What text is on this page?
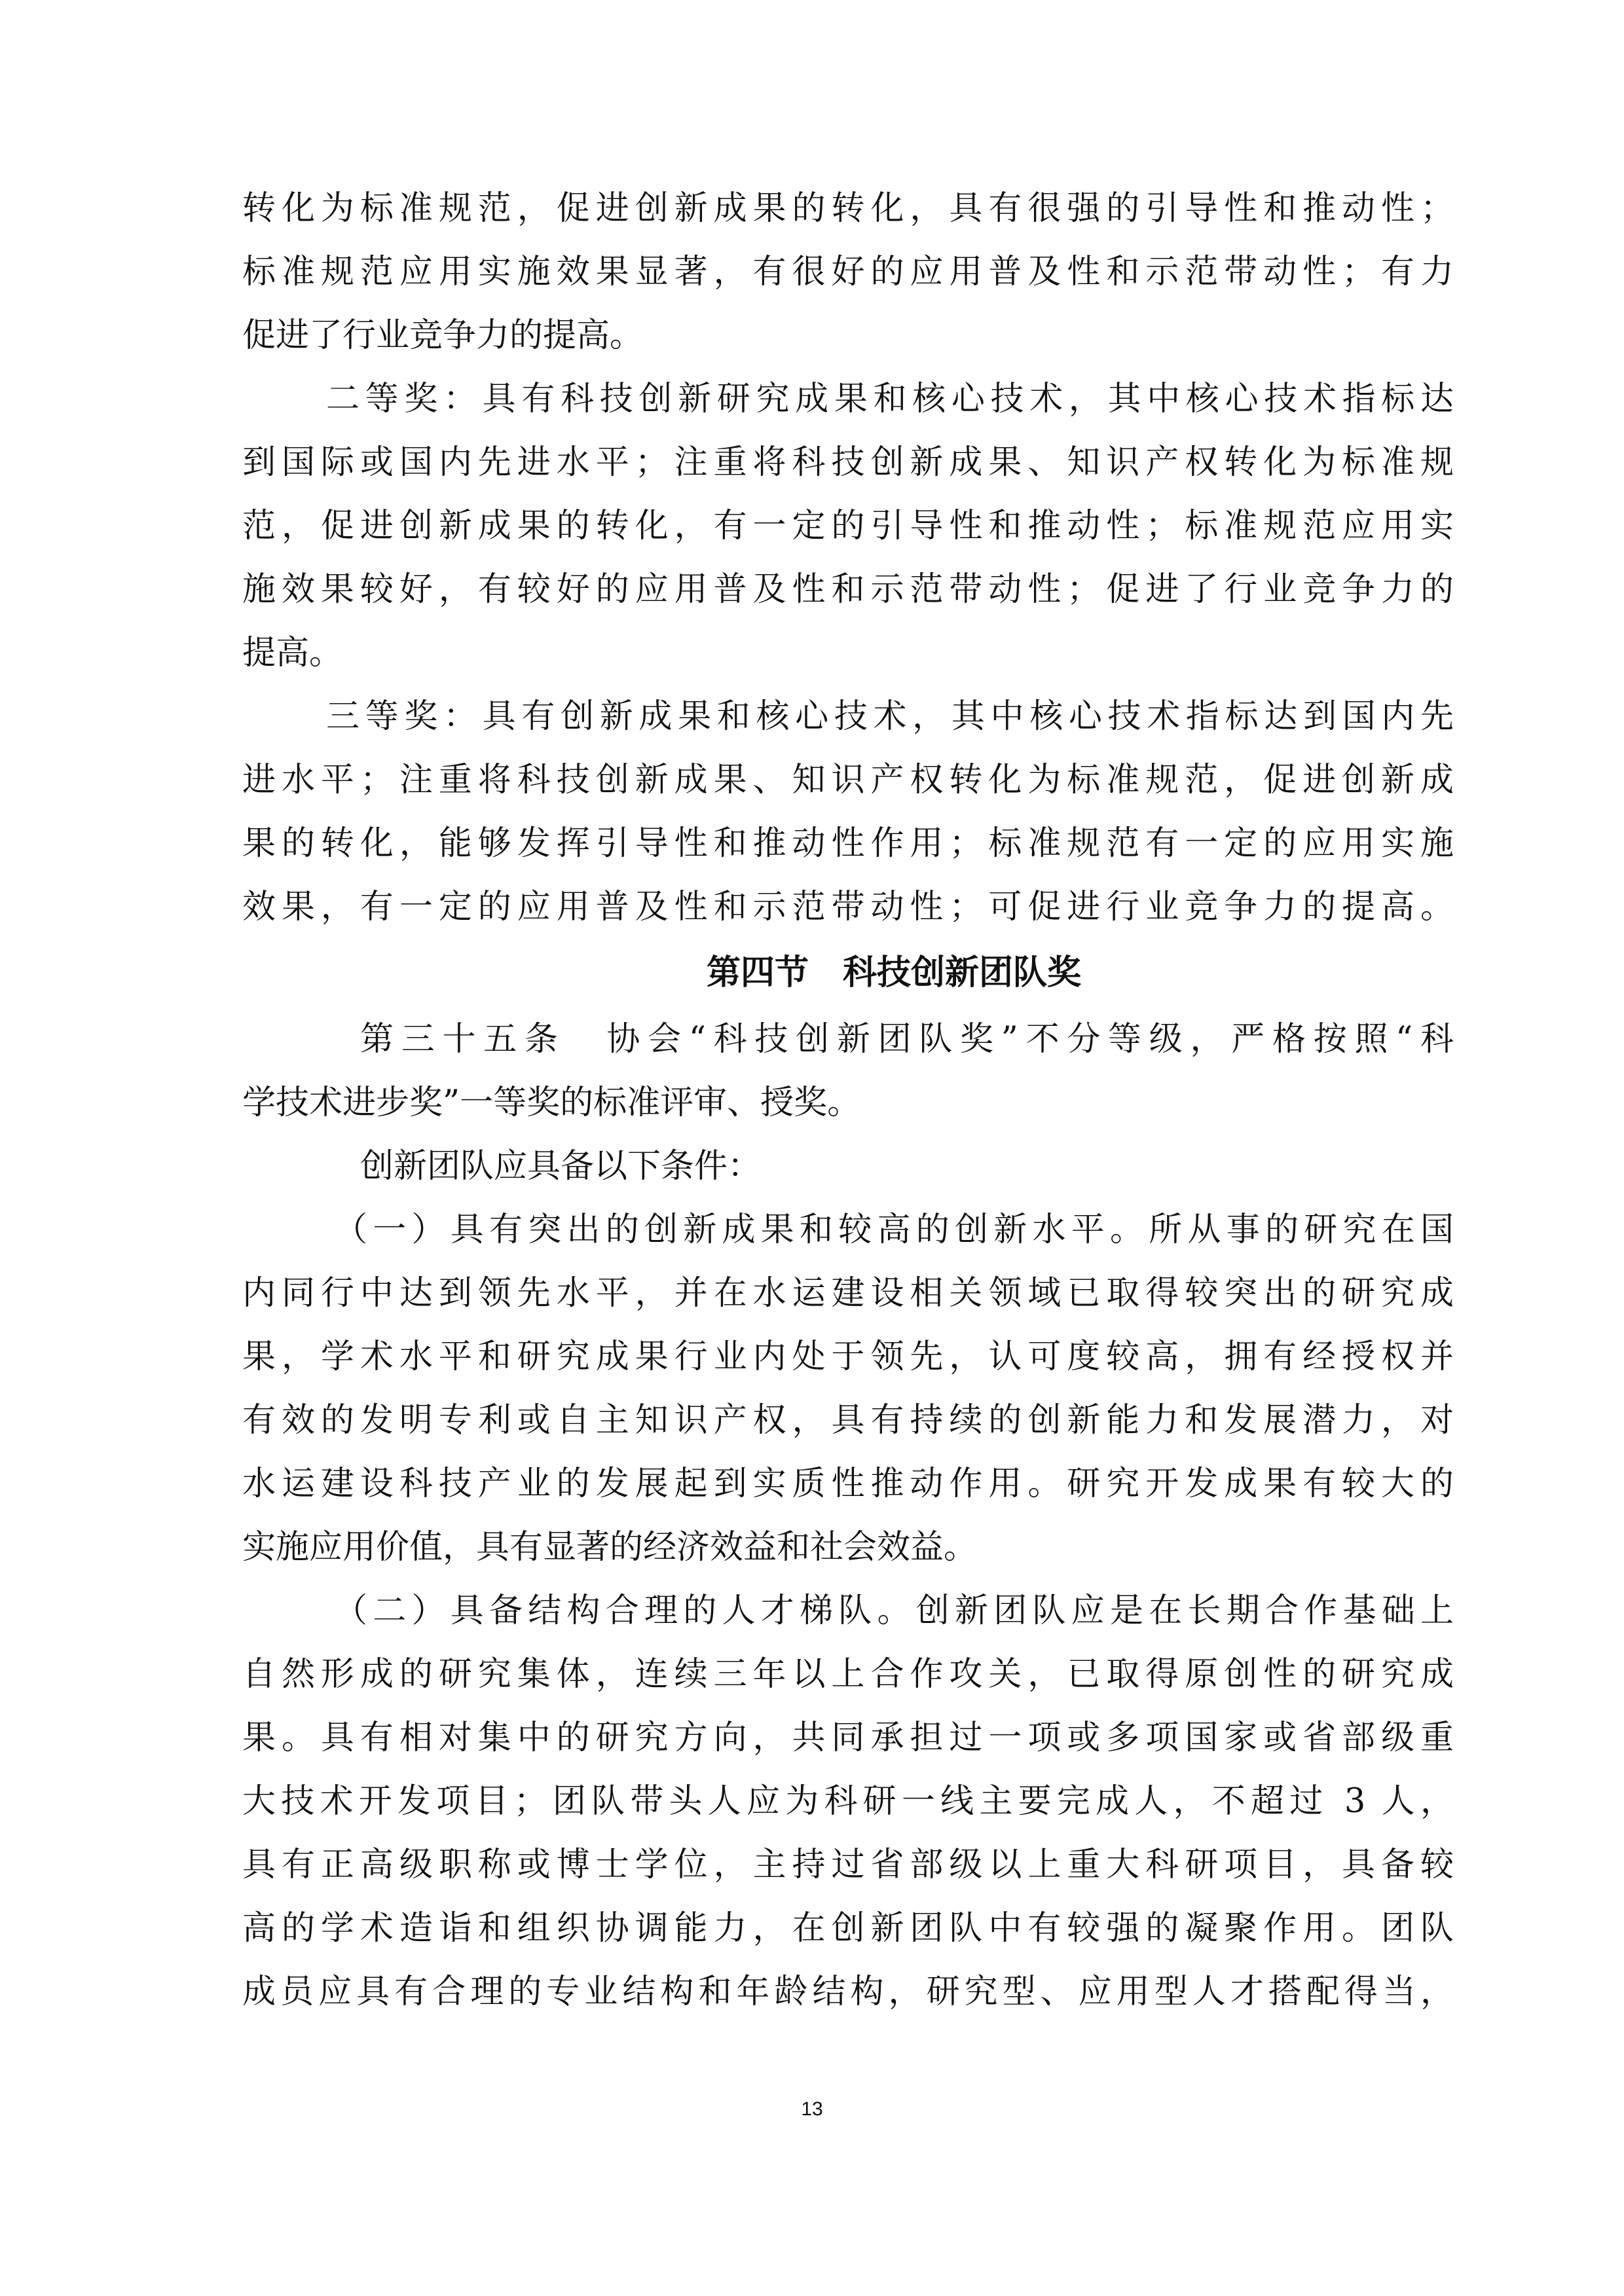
转化为标准规范，促进创新成果的转化，具有很强的引导性和推动性；
标准规范应用实施效果显著，有很好的应用普及性和示范带动性；有力
促进了行业竞争力的提高。
二等奖：具有科技创新研究成果和核心技术，其中核心技术指标达
到国际或国内先进水平；注重将科技创新成果、知识产权转化为标准规
范，促进创新成果的转化，有一定的引导性和推动性；标准规范应用实
施效果较好，有较好的应用普及性和示范带动性；促进了行业竞争力的
提高。
三等奖：具有创新成果和核心技术，其中核心技术指标达到国内先
进水平；注重将科技创新成果、知识产权转化为标准规范，促进创新成
果的转化，能够发挥引导性和推动性作用；标准规范有一定的应用实施
效果，有一定的应用普及性和示范带动性；可促进行业竞争力的提高。
第四节　科技创新团队奖
第三十五条　协会“科技创新团队奖”不分等级，严格按照“科
学技术进步奖”一等奖的标准评审、授奖。
创新团队应具备以下条件：
（一）具有突出的创新成果和较高的创新水平。所从事的研究在国
内同行中达到领先水平，并在水运建设相关领域已取得较突出的研究成
果，学术水平和研究成果行业内处于领先，认可度较高，拥有经授权并
有效的发明专利或自主知识产权，具有持续的创新能力和发展潜力，对
水运建设科技产业的发展起到实质性推动作用。研究开发成果有较大的
实施应用价值，具有显著的经济效益和社会效益。
（二）具备结构合理的人才梯队。创新团队应是在长期合作基础上
自然形成的研究集体，连续三年以上合作攻关，已取得原创性的研究成
果。具有相对集中的研究方向，共同承担过一项或多项国家或省部级重
大技术开发项目；团队带头人应为科研一线主要完成人，不超过 3 人，
具有正高级职称或博士学位，主持过省部级以上重大科研项目，具备较
高的学术造诣和组织协调能力，在创新团队中有较强的凝聚作用。团队
成员应具有合理的专业结构和年龄结构，研究型、应用型人才搭配得当，
13
